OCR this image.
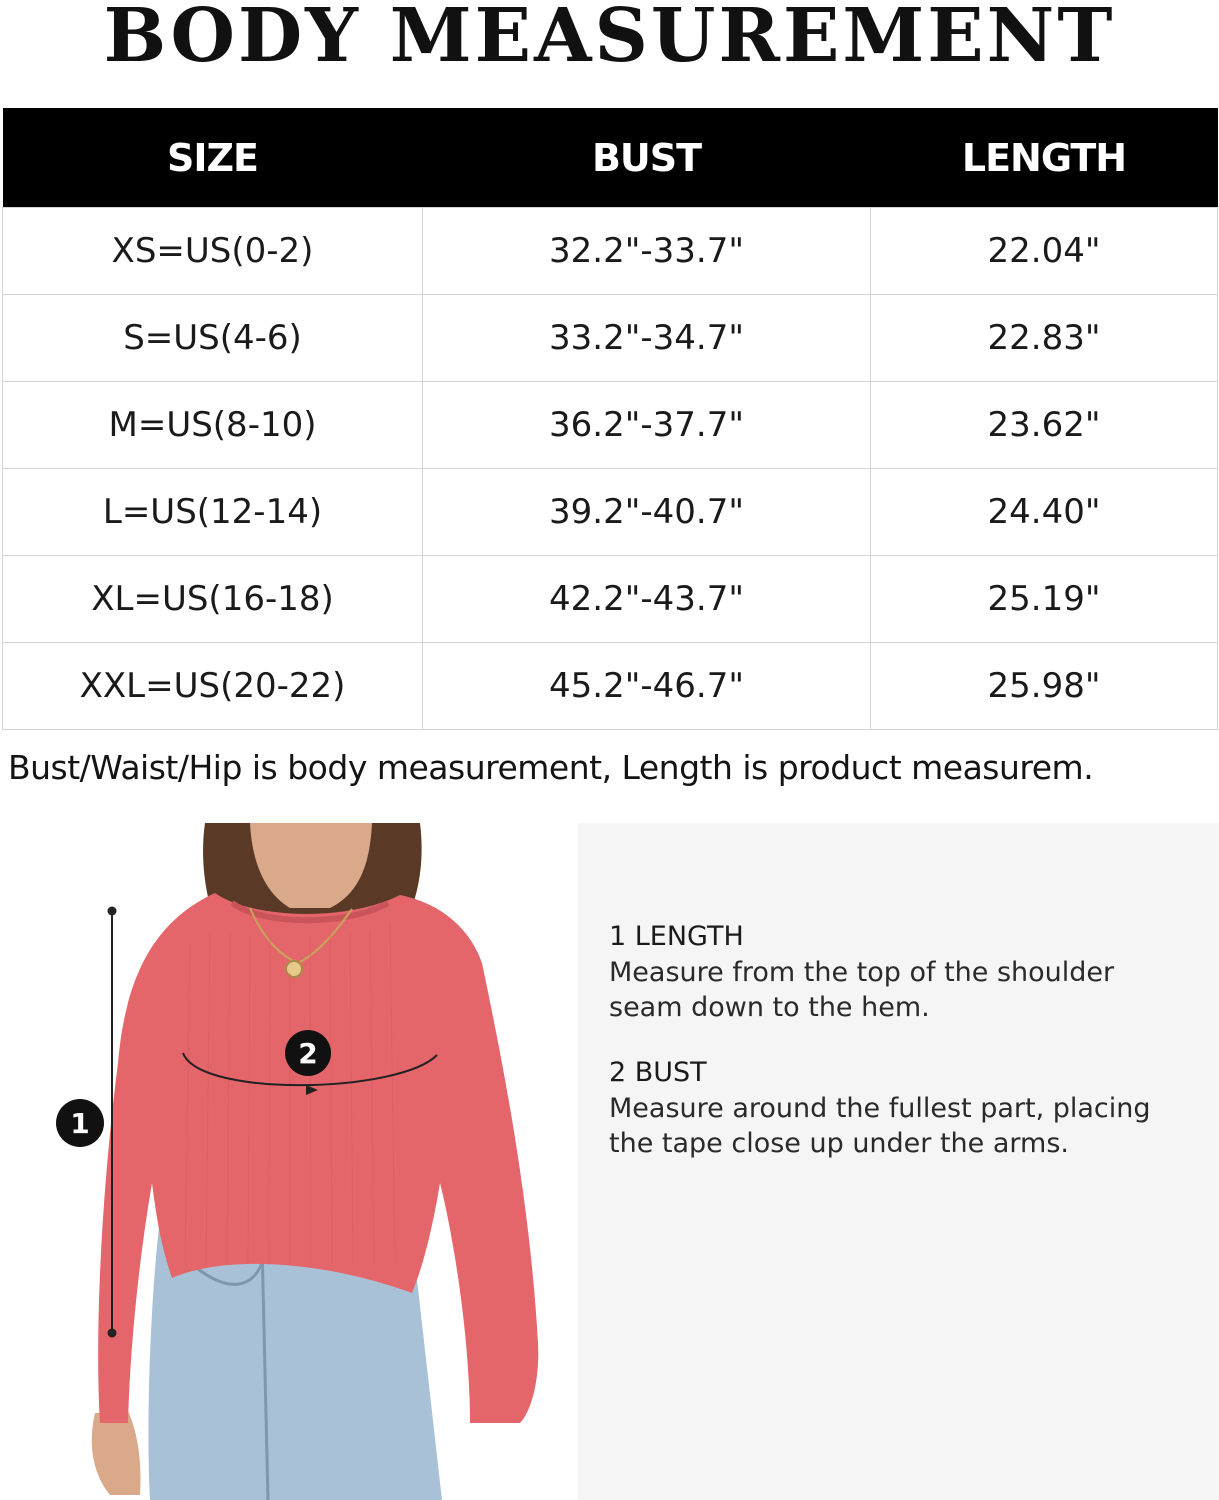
BODY MEASUREMENT
SIZE	BUST	LENGTH
XS=US(0-2)	32.2"-33.7"	22.04"
S=US(4-6)	33.2"-34.7"	22.83"
M=US(8-10)	36.2"-37.7"	23.62"
L=US(12-14)	39.2"-40.7"	24.40"
XL=US(16-18)	42.2"-43.7"	25.19"
XXL=US(20-22)	45.2"-46.7"	25.98"
Bust/Waist/Hip is body measurement, Length is product measurem.
1
2

1 LENGTH

Measure from the top of the shoulder

seam down to the hem.

2 BUST

Measure around the fullest part, placing

the tape close up under the arms.
